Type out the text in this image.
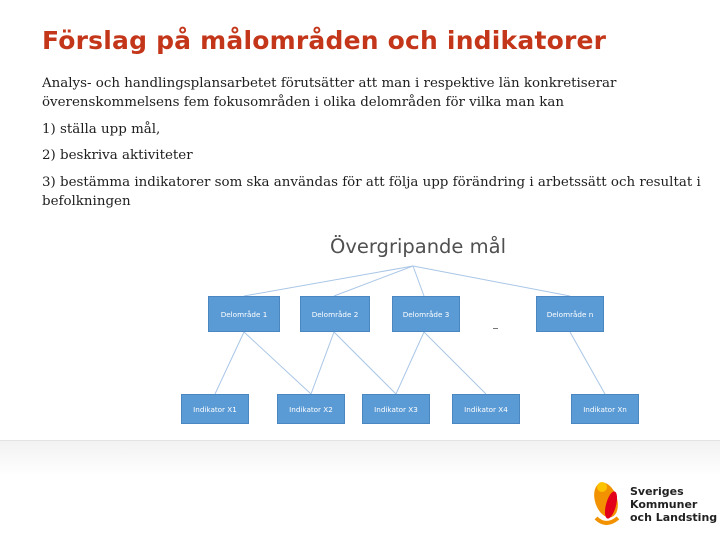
Förslag på målområden och indikatorer

Analys- och handlingsplansarbetet förutsätter att man i respektive län konkretiserar överenskommelsens fem fokusområden i olika delområden för vilka man kan

1) ställa upp mål,

2) beskriva aktiviteter

3) bestämma indikatorer som ska användas för att följa upp förändring i arbetssätt och resultat i befolkningen

Övergripande mål
Delområde 1	Delområde 2	Delområde 3	Delområde n
Indikator X1	Indikator X2	Indikator X3	Indikator X4	Indikator Xn
Sveriges
Kommuner
och Landsting
